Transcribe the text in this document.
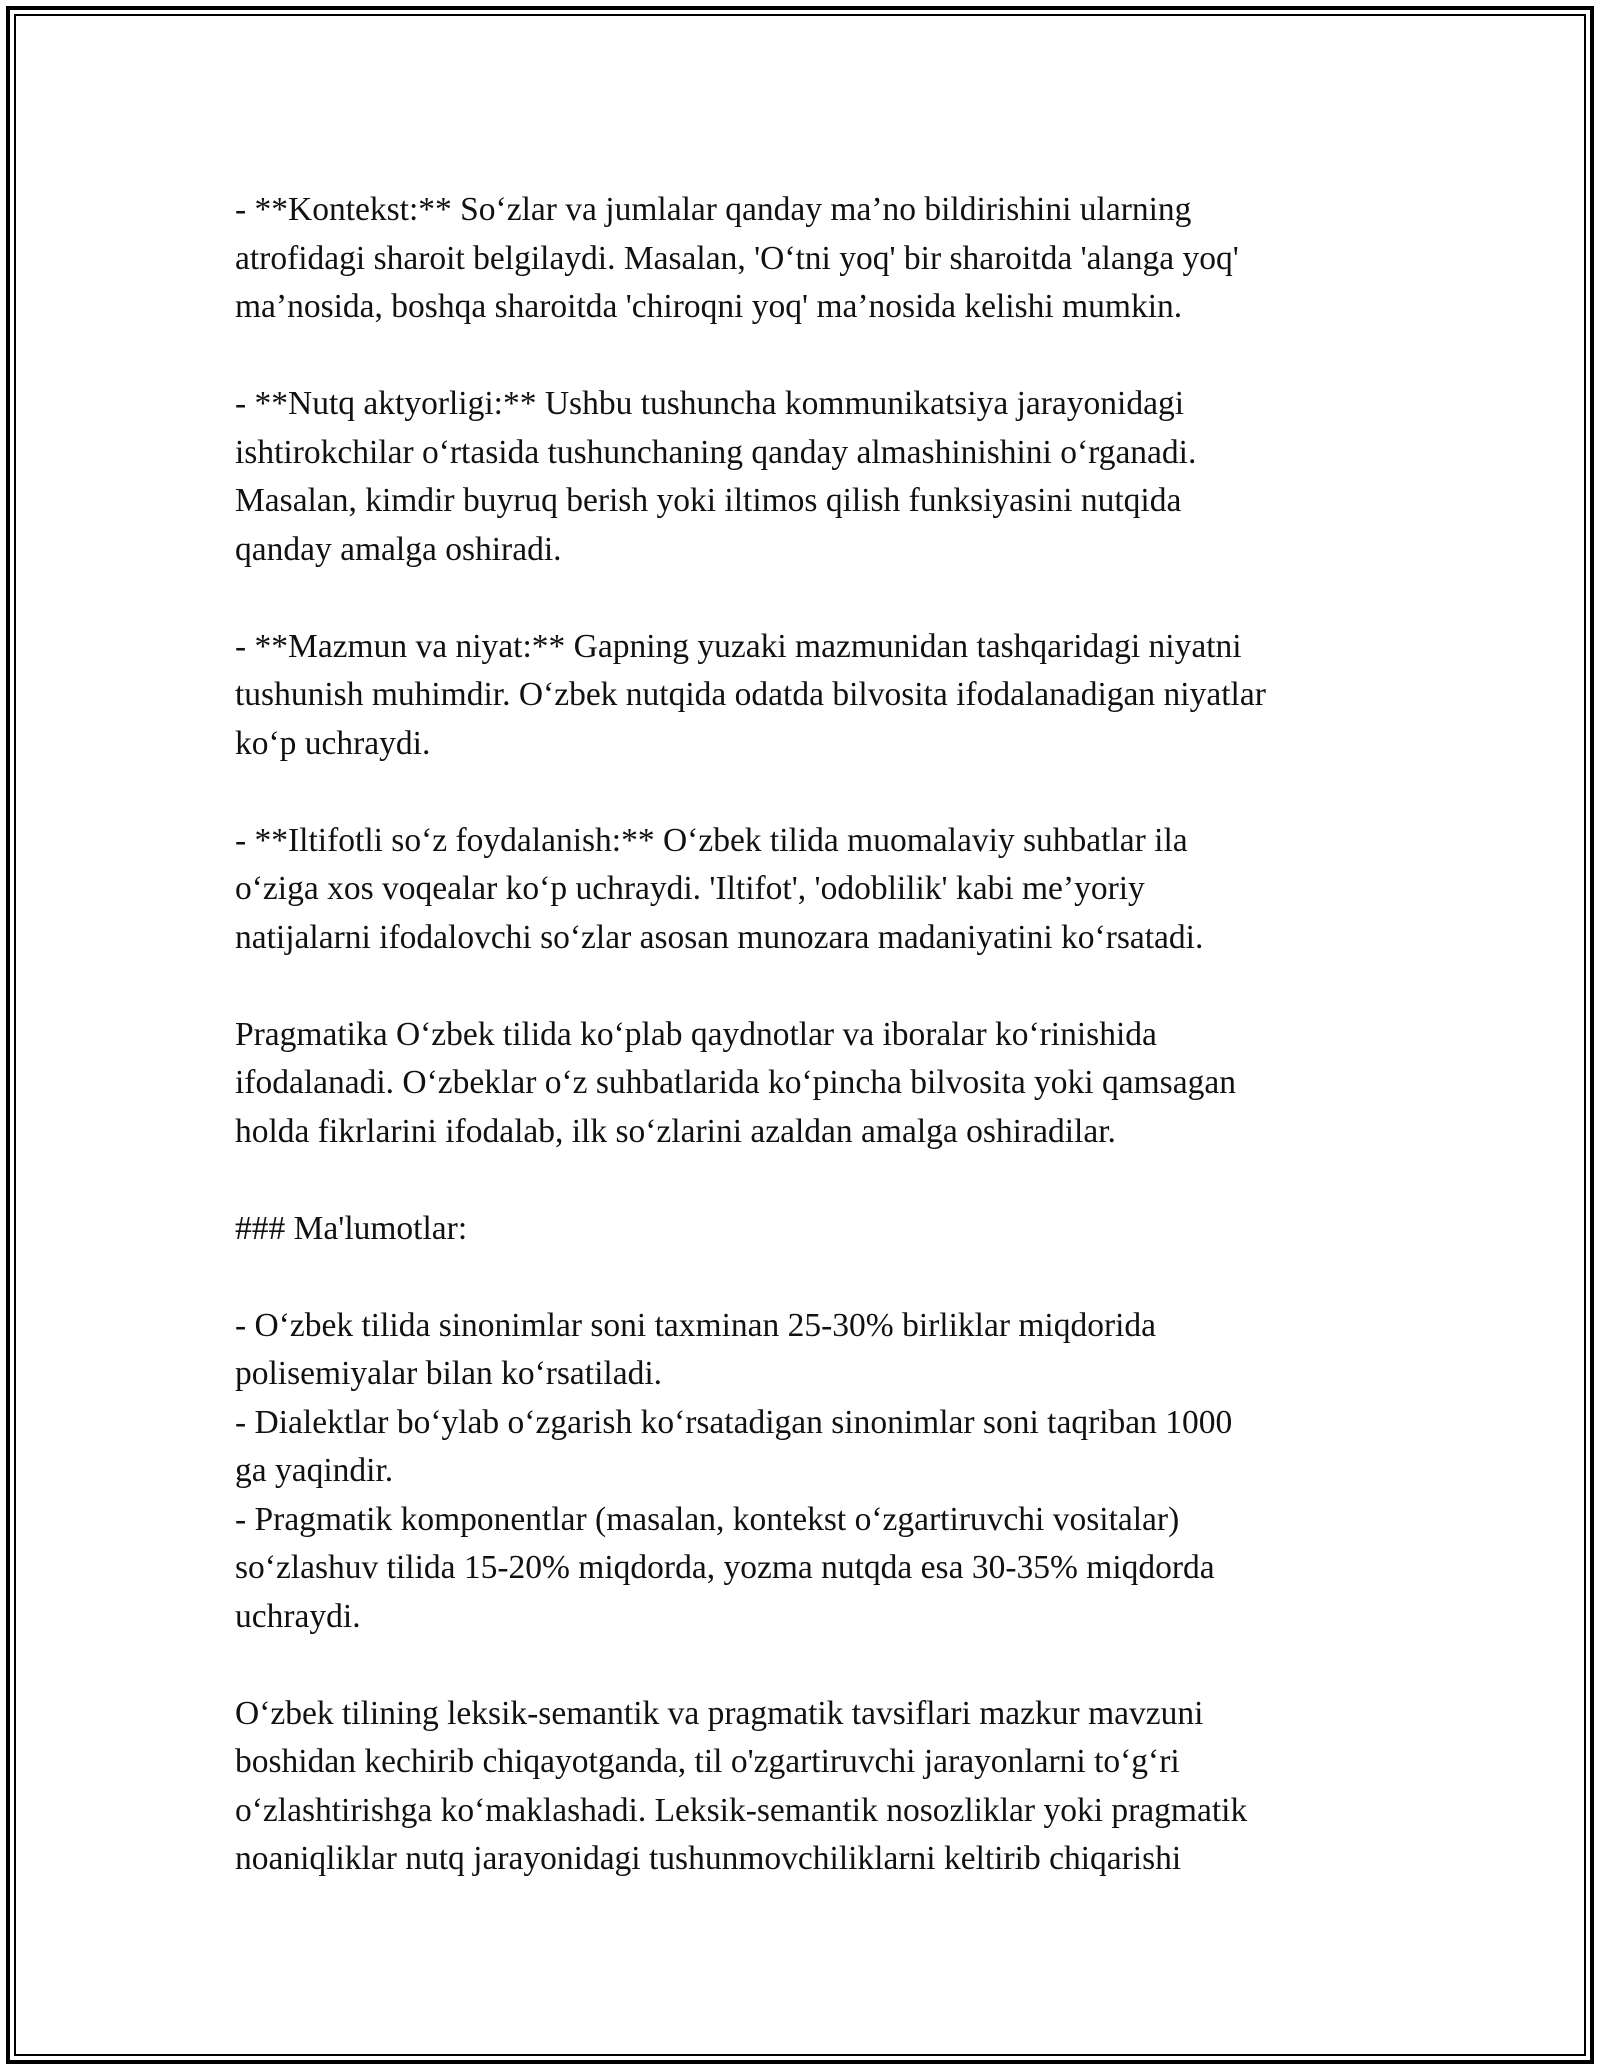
- **Kontekst:** So‘zlar va jumlalar qanday ma’no bildirishini ularning
atrofidagi sharoit belgilaydi. Masalan, 'O‘tni yoq' bir sharoitda 'alanga yoq'
ma’nosida, boshqa sharoitda 'chiroqni yoq' ma’nosida kelishi mumkin.

- **Nutq aktyorligi:** Ushbu tushuncha kommunikatsiya jarayonidagi
ishtirokchilar o‘rtasida tushunchaning qanday almashinishini o‘rganadi.
Masalan, kimdir buyruq berish yoki iltimos qilish funksiyasini nutqida
qanday amalga oshiradi.

- **Mazmun va niyat:** Gapning yuzaki mazmunidan tashqaridagi niyatni
tushunish muhimdir. O‘zbek nutqida odatda bilvosita ifodalanadigan niyatlar
ko‘p uchraydi.

- **Iltifotli so‘z foydalanish:** O‘zbek tilida muomalaviy suhbatlar ila
o‘ziga xos voqealar ko‘p uchraydi. 'Iltifot', 'odoblilik' kabi me’yoriy
natijalarni ifodalovchi so‘zlar asosan munozara madaniyatini ko‘rsatadi.

Pragmatika O‘zbek tilida ko‘plab qaydnotlar va iboralar ko‘rinishida
ifodalanadi. O‘zbeklar o‘z suhbatlarida ko‘pincha bilvosita yoki qamsagan
holda fikrlarini ifodalab, ilk so‘zlarini azaldan amalga oshiradilar.

### Ma'lumotlar:

- O‘zbek tilida sinonimlar soni taxminan 25-30% birliklar miqdorida
polisemiyalar bilan ko‘rsatiladi.

- Dialektlar bo‘ylab o‘zgarish ko‘rsatadigan sinonimlar soni taqriban 1000
ga yaqindir.

- Pragmatik komponentlar (masalan, kontekst o‘zgartiruvchi vositalar)
so‘zlashuv tilida 15-20% miqdorda, yozma nutqda esa 30-35% miqdorda
uchraydi.

O‘zbek tilining leksik-semantik va pragmatik tavsiflari mazkur mavzuni
boshidan kechirib chiqayotganda, til o'zgartiruvchi jarayonlarni to‘g‘ri
o‘zlashtirishga ko‘maklashadi. Leksik-semantik nosozliklar yoki pragmatik
noaniqliklar nutq jarayonidagi tushunmovchiliklarni keltirib chiqarishi
